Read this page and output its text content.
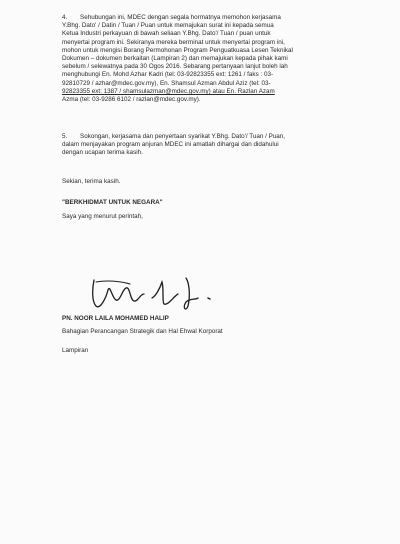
4. Sehubungan ini, MDEC dengan segala hormatnya memohon kerjasama
Y.Bhg. Dato' / Datin / Tuan / Puan untuk memajukan surat ini kepada semua
Ketua Industri perkayuan di bawah seliaan Y.Bhg. Dato'/ Tuan / puan untuk
menyertai program ini. Sekiranya mereka berminat untuk menyertai program ini,
mohon untuk mengisi Borang Permohonan Program Penguatkuasa Lesen Teknikal
Dokumen – dokumen berkaitan (Lampiran 2) dan memajukan kepada pihak kami
sebelum / selewatnya pada 30 Ogos 2016. Sebarang pertanyaan lanjut boleh lah
menghubungi En. Mohd Azhar Kadri (tel: 03-92823355 ext: 1261 / faks : 03-
92810729 / azhar@mdec.gov.my), En. Shamsul Azman Abdul Aziz (tel: 03-
92823355 ext: 1387 / shamsulazman@mdec.gov.my) atau En. Razlan Azam
Azma (tel: 03-9286 6102 / razlan@mdec.gov.my).
5. Sokongan, kerjasama dan penyertaan syarikat Y.Bhg. Dato'/ Tuan / Puan,
dalam menjayakan program anjuran MDEC ini amatlah dihargai dan didahului
dengan ucapan terima kasih.
Sekian, terima kasih.
"BERKHIDMAT UNTUK NEGARA"
Saya yang menurut perintah,
PN. NOOR LAILA MOHAMED HALIP
Bahagian Perancangan Strategik dan Hal Ehwal Korporat
Lampiran
